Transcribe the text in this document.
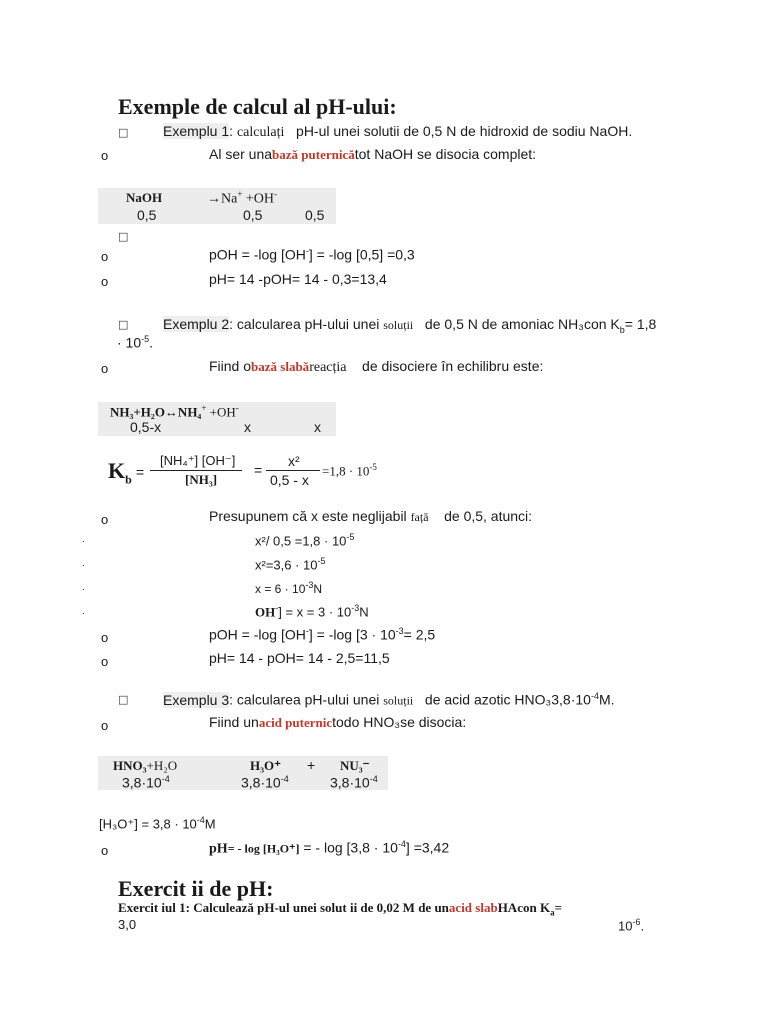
Exemple de calcul al pH-ului:
□ Exemplu 1: calculați pH-ul unei solutii de 0,5 N de hidroxid de sodiu NaOH.
o	Al ser unabază puternicătot NaOH se disocia complet:
NaOH	→Na+ +OH-
0,5	0,5	0,5
□
o	pOH = -log [OH-] = -log [0,5] =0,3
o	pH= 14 -pOH= 14 - 0,3=13,4
□ Exemplu 2: calcularea pH-ului unei soluții   de 0,5 N de amoniac NH₃con $K_b= 1,8$
· $10^{-5}$.
o	Fiind obază slabăreacția de disociere în echilibru este:
NH₃+H₂O↔NH₄+ +OH-
0,5-x	x	x
$K_b$ =
[NH₄⁺] [OH⁻]
[NH₃]
=
x²
0,5 - x
$=1,8 \cdot 10^{-5}$
o	Presupunem că x este neglijabil față    de 0,5, atunci:
.	x²/ $0,5 =1,8 \cdot 10^{-5}$
.	$x^2=3,6 \cdot 10^{-5}$
.	$x = 6 \cdot 10^{-3}N$
.	$OH^-] = x = 3 \cdot 10^{-3}N$
o	pOH = -log [OH-] = -log [$3 \cdot 10^{-3}= 2,5$
o	pH= 14 - pOH= 14 - 2,5=11,5
□ Exemplu 3: calcularea pH-ului unei soluții   de acid azotic $HNO_33,8\cdot 10^{-4}M$.
o	Fiind unacid puternictodo HNO₃se disocia:
HNO₃+H₂O	H₃O⁺ + NU₃⁻
$3,8\cdot 10^{-4}$	$3,8\cdot 10^{-4}$	$3,8\cdot 10^{-4}$
$[H_3O^+] = 3,8 \cdot 10^{-4}M$
o	pH= - log [H₃O⁺] = - $\log [3,8 \cdot 10^{-4}] =3,42$
Exercit ii de pH:
Exercit iul 1: Calculează pH-ul unei solut ii de 0,02 M de unacid slabHAcon $K_a=$
3,0	$10^{-6}$.
